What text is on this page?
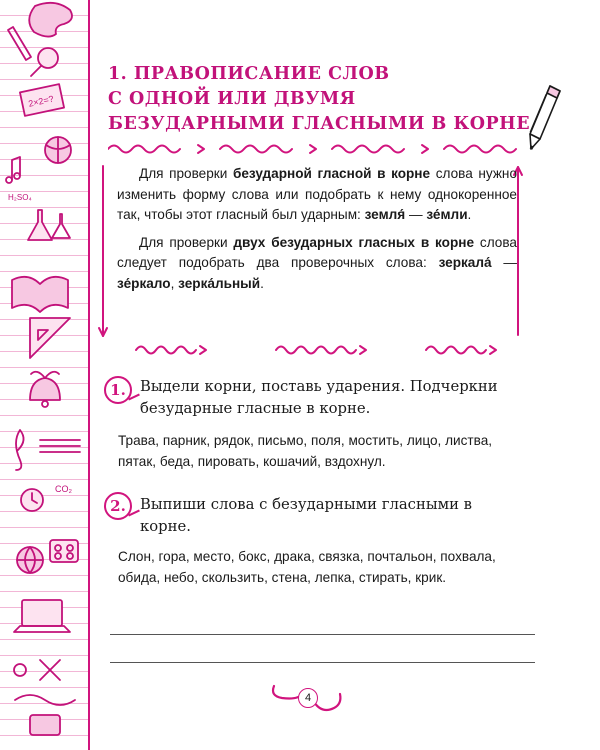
2×2=?
H₂SO₄
CO₂
1. ПРАВОПИСАНИЕ СЛОВ
С ОДНОЙ ИЛИ ДВУМЯ
БЕЗУДАРНЫМИ ГЛАСНЫМИ В КОРНЕ

Для проверки безударной гласной в корне слова нужно изменить форму слова или подобрать к нему однокоренное так, чтобы этот гласный был ударным: земля́ — зе́мли.

Для проверки двух безударных гласных в корне слова следует подобрать два проверочных слова: зеркала́ — зе́ркало, зерка́льный.

1. Выдели корни, поставь ударения. Подчеркни безударные гласные в корне.
Трава, парник, рядок, письмо, поля, мостить, лицо, листва, пятак, беда, пировать, кошачий, вздохнул.
2. Выпиши слова с безударными гласными в корне.
Слон, гора, место, бокс, драка, связка, почтальон, похвала, обида, небо, скользить, стена, лепка, стирать, крик.
4
